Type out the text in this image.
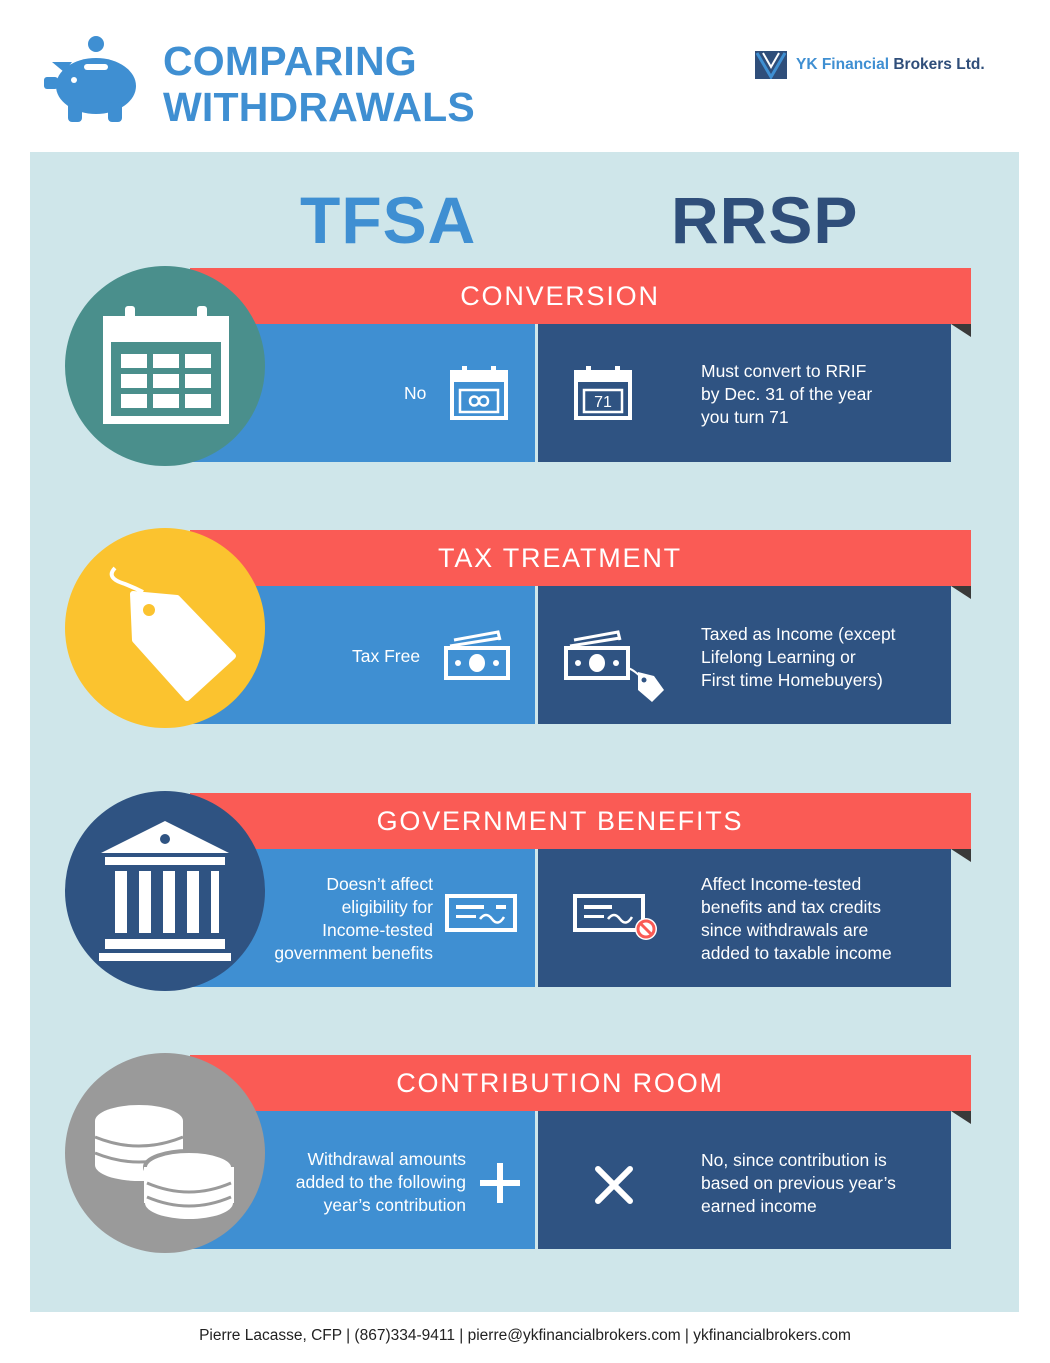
COMPARING
WITHDRAWALS
YK Financial Brokers Ltd.
TFSA	RRSP
CONVERSION
No	71
Must convert to RRIF
by Dec. 31 of the year
you turn 71
TAX TREATMENT
Tax Free
Taxed as Income (except
Lifelong Learning or
First time Homebuyers)
GOVERNMENT BENEFITS
Doesn’t affect
eligibility for
Income-tested
government benefits
Affect Income-tested
benefits and tax credits
since withdrawals are
added to taxable income
CONTRIBUTION ROOM
Withdrawal amounts
added to the following
year’s contribution
No, since contribution is
based on previous year’s
earned income
Pierre Lacasse, CFP | (867)334-9411 | pierre@ykfinancialbrokers.com | ykfinancialbrokers.com
